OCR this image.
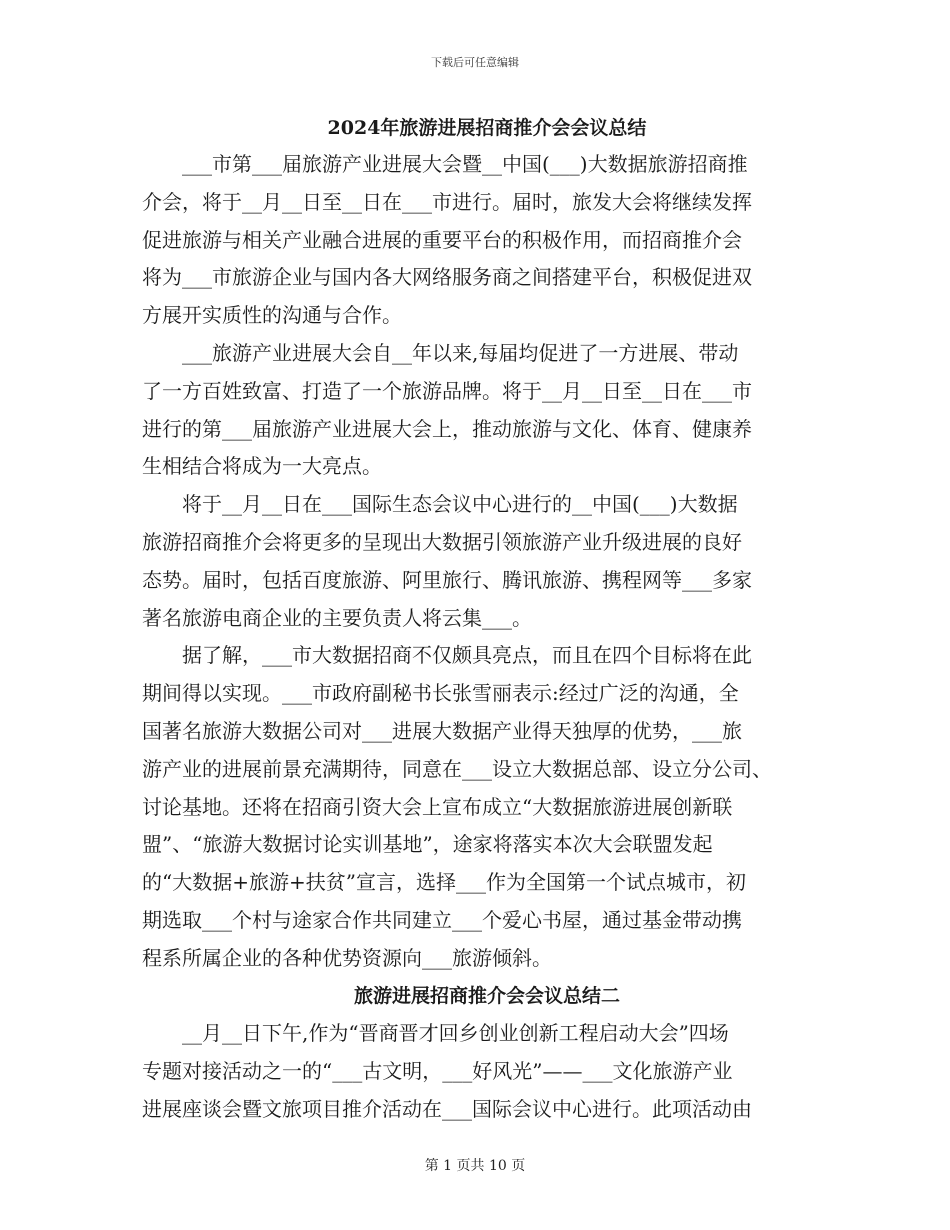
下载后可任意编辑
2024年旅游进展招商推介会会议总结

___市第___届旅游产业进展大会暨__中国(___)大数据旅游招商推
介会，将于__月__日至__日在___市进行。届时，旅发大会将继续发挥
促进旅游与相关产业融合进展的重要平台的积极作用，而招商推介会
将为___市旅游企业与国内各大网络服务商之间搭建平台，积极促进双
方展开实质性的沟通与合作。

___旅游产业进展大会自__年以来,每届均促进了一方进展、带动
了一方百姓致富、打造了一个旅游品牌。将于__月__日至__日在___市
进行的第___届旅游产业进展大会上，推动旅游与文化、体育、健康养
生相结合将成为一大亮点。

将于__月__日在___国际生态会议中心进行的__中国(___)大数据
旅游招商推介会将更多的呈现出大数据引领旅游产业升级进展的良好
态势。届时，包括百度旅游、阿里旅行、腾讯旅游、携程网等___多家
著名旅游电商企业的主要负责人将云集___。

据了解，___市大数据招商不仅颇具亮点，而且在四个目标将在此
期间得以实现。___市政府副秘书长张雪丽表示:经过广泛的沟通，全
国著名旅游大数据公司对___进展大数据产业得天独厚的优势，___旅
游产业的进展前景充满期待，同意在___设立大数据总部、设立分公司、
讨论基地。还将在招商引资大会上宣布成立“大数据旅游进展创新联
盟”、“旅游大数据讨论实训基地”，途家将落实本次大会联盟发起
的“大数据+旅游+扶贫”宣言，选择___作为全国第一个试点城市，初
期选取___个村与途家合作共同建立___个爱心书屋，通过基金带动携
程系所属企业的各种优势资源向___旅游倾斜。

旅游进展招商推介会会议总结二

__月__日下午,作为“晋商晋才回乡创业创新工程启动大会”四场
专题对接活动之一的“___古文明，___好风光”——___文化旅游产业
进展座谈会暨文旅项目推介活动在___国际会议中心进行。此项活动由

第 1 页共 10 页
